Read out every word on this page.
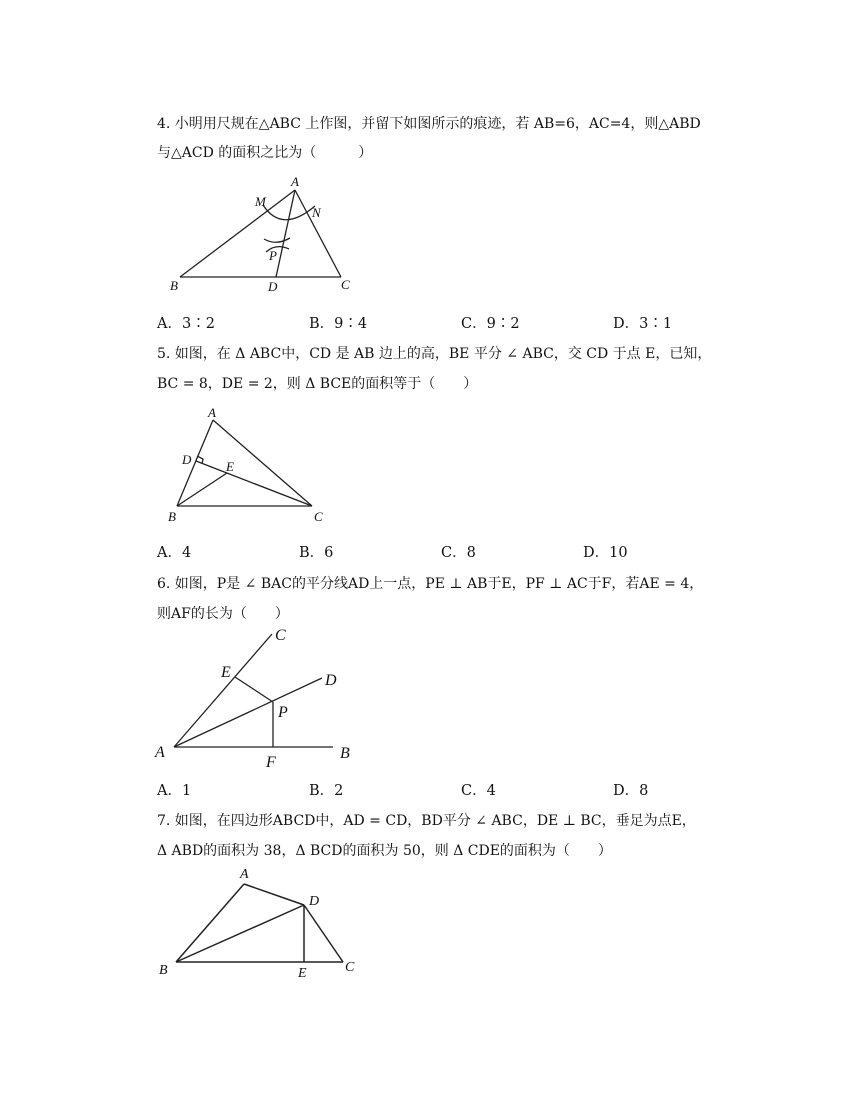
4. 小明用尺规在△ABC 上作图，并留下如图所示的痕迹，若 AB=6，AC=4，则△ABD
与△ACD 的面积之比为（　　　）
A
B	C
D
M
N
P
A．3∶2	B．9∶4	C．9∶2	D．3∶1
5. 如图，在 Δ ABC中，CD 是 AB 边上的高，BE 平分 ∠ ABC，交 CD 于点 E，已知，
BC = 8，DE = 2，则 Δ BCE的面积等于（　　）
A
B	C
D	E
A．4	B．6	C．8	D．10
6. 如图，P是 ∠ BAC的平分线AD上一点，PE ⊥ AB于E，PF ⊥ AC于F，若AE = 4，
则AF的长为（　　）
A	B
C
D
E
F
P
A．1	B．2	C．4	D．8
7. 如图，在四边形ABCD中，AD = CD，BD平分 ∠ ABC，DE ⊥ BC，垂足为点E，
Δ ABD的面积为 38，Δ BCD的面积为 50，则 Δ CDE的面积为（　　）
A
B	C
D
E
